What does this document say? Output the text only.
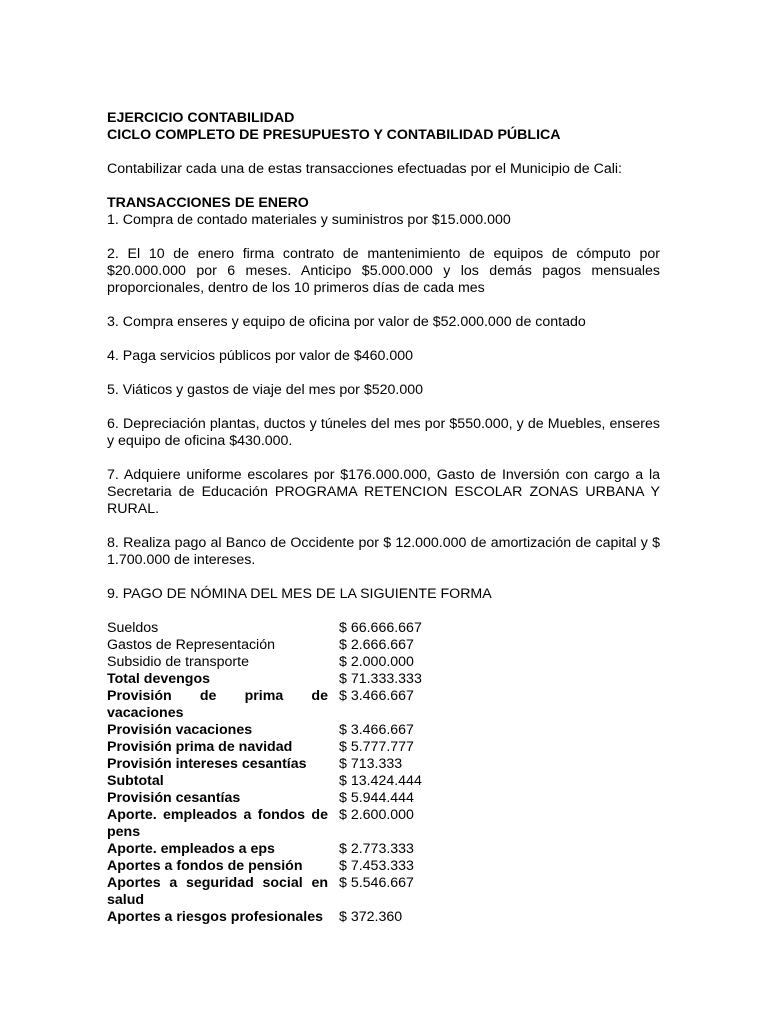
EJERCICIO CONTABILIDAD

CICLO COMPLETO DE PRESUPUESTO Y CONTABILIDAD PÚBLICA

Contabilizar cada una de estas transacciones efectuadas por el Municipio de Cali:

TRANSACCIONES DE ENERO

1. Compra de contado materiales y suministros por $15.000.000

2. El 10 de enero firma contrato de mantenimiento de equipos de cómputo por $20.000.000 por 6 meses. Anticipo $5.000.000 y los demás pagos mensuales proporcionales, dentro de los 10 primeros días de cada mes

3. Compra enseres y equipo de oficina por valor de $52.000.000 de contado

4. Paga servicios públicos por valor de $460.000

5. Viáticos y gastos de viaje del mes por $520.000

6. Depreciación plantas, ductos y túneles del mes por $550.000, y de Muebles, enseres y equipo de oficina $430.000.

7. Adquiere uniforme escolares por $176.000.000, Gasto de Inversión con cargo a la Secretaria de Educación PROGRAMA RETENCION ESCOLAR ZONAS URBANA Y RURAL.

8. Realiza pago al Banco de Occidente por $ 12.000.000 de amortización de capital y $ 1.700.000 de intereses.

9. PAGO DE NÓMINA DEL MES DE LA SIGUIENTE FORMA

Sueldos	$ 66.666.667
Gastos de Representación	$ 2.666.667
Subsidio de transporte	$ 2.000.000
Total devengos	$ 71.333.333
Provisión de prima de vacaciones	$ 3.466.667
Provisión vacaciones	$ 3.466.667
Provisión prima de navidad	$ 5.777.777
Provisión intereses cesantías	$ 713.333
Subtotal	$ 13.424.444
Provisión cesantías	$ 5.944.444
Aporte. empleados a fondos de pens	$ 2.600.000
Aporte. empleados a eps	$ 2.773.333
Aportes a fondos de pensión	$ 7.453.333
Aportes a seguridad social en salud	$ 5.546.667
Aportes a riesgos profesionales	$ 372.360
